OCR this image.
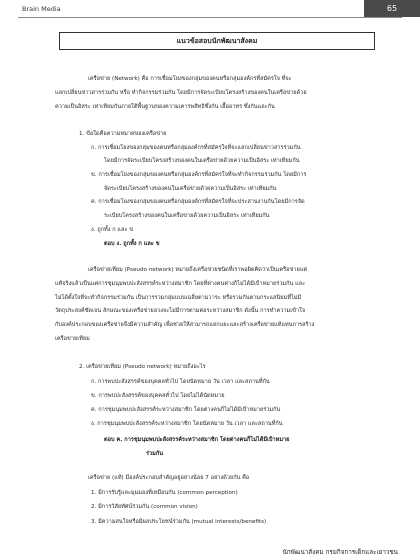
Brain Media	65
แนวข้อสอบนักพัฒนาสังคม
เครือข่าย (Network) คือ การเชื่อมโยงของกลุ่มของคนหรือกลุ่มองค์กรที่สมัครใจ ที่จะ
แลกเปลี่ยนข่าวสารร่วมกัน หรือ ทำกิจกรรมร่วมกัน โดยมีการจัดระเบียบโครงสร้างของคนในเครือข่ายด้วย
ความเป็นอิสระ เท่าเทียมกันภายใต้พื้นฐานของความเคารพสิทธิซึ่งกัน เอื้ออาทร ซึ่งกันและกัน
1. ข้อใดคือความหมายของเครือข่าย
ก. การเชื่อมโยงของกลุ่มของคนหรือกลุ่มองค์กรที่สมัครใจที่จะแลกเปลี่ยนข่าวสารร่วมกัน
โดยมีการจัดระเบียบโครงสร้างของคนในเครือข่ายด้วยความเป็นอิสระ เท่าเทียมกัน
ข. การเชื่อมโยงของกลุ่มของคนหรือกลุ่มองค์กรที่สมัครใจที่จะทำกิจกรรมร่วมกัน โดยมีการ
จัดระเบียบโครงสร้างของคนในเครือข่ายด้วยความเป็นอิสระ เท่าเทียมกัน
ค. การเชื่อมโยงของกลุ่มของคนหรือกลุ่มองค์กรที่สมัครใจที่จะประสานงานกันโดยมีการจัด
ระเบียบโครงสร้างของคนในเครือข่ายด้วยความเป็นอิสระ เท่าเทียมกัน
ง. ถูกทั้ง ก และ ข
ตอบ ง. ถูกทั้ง ก และ ข
เครือข่ายเทียม (Pseudo network) หมายถึงเครือข่ายชนิดที่เราพอผิดคิดว่าเป็นเครือข่ายแต่
แท้จริงแล้วเป็นแค่การชุมนุมพบปะสังสรรค์ระหว่างสมาชิก โดยที่ต่างคนต่างก็ไม่ได้มีเป้าหมายร่วมกัน และ
ไม่ได้ตั้งใจที่จะทำกิจกรรมร่วมกัน เป็นการรวมกลุ่มแบบเฉลี่ยตามวาระ หรือรวมกันตามกระแสนิยมที่ไม่มี
วัตถุประสงค์ชัดเจน ลักษณะของเครือข่ายลวงจะไม่มีการตามต่อระหว่างสมาชิก ดังนั้น การทำความเข้าใจ
กับองค์ประกอบของเครือข่ายจึงมีความสำคัญ เพื่อช่วยให้สามารถแยกแยะและสร้างเครือข่ายแท้แทนการสร้าง
เครือข่ายเทียม
2. เครือข่ายเทียม (Pseudo network) หมายถึงอะไร
ก. การพบปะสังสรรค์ของบุคคลทั่วไป โดยนัดหมาย วัน เวลา และสถานที่กัน
ข. การพบปะสังสรรค์ของบุคคลทั่วไป โดยไม่ได้นัดหมาย
ค. การชุมนุมพบปะสังสรรค์ระหว่างสมาชิก โดยต่างคนก็ไม่ได้มีเป้าหมายร่วมกัน
ง. การชุมนุมพบปะสังสรรค์ระหว่างสมาชิก โดยนัดหมาย วัน เวลา และสถานที่กัน
ตอบ ค. การชุมนุมพบปะสังสรรค์ระหว่างสมาชิก โดยต่างคนก็ไม่ได้มีเป้าหมาย
ร่วมกัน
เครือข่าย (แท้) มีองค์ประกอบสำคัญอยู่อย่างน้อย 7 อย่างด้วยกัน คือ
1. มีการรับรู้และมุมมองที่เหมือนกัน (common perception)
2. มีการวิสัยทัศน์ร่วมกัน (common vision)
3. มีความสนใจหรือมีผลประโยชน์ร่วมกัน (mutual interests/benefits)
นักพัฒนาสังคม กรมกิจการเด็กและเยาวชน
